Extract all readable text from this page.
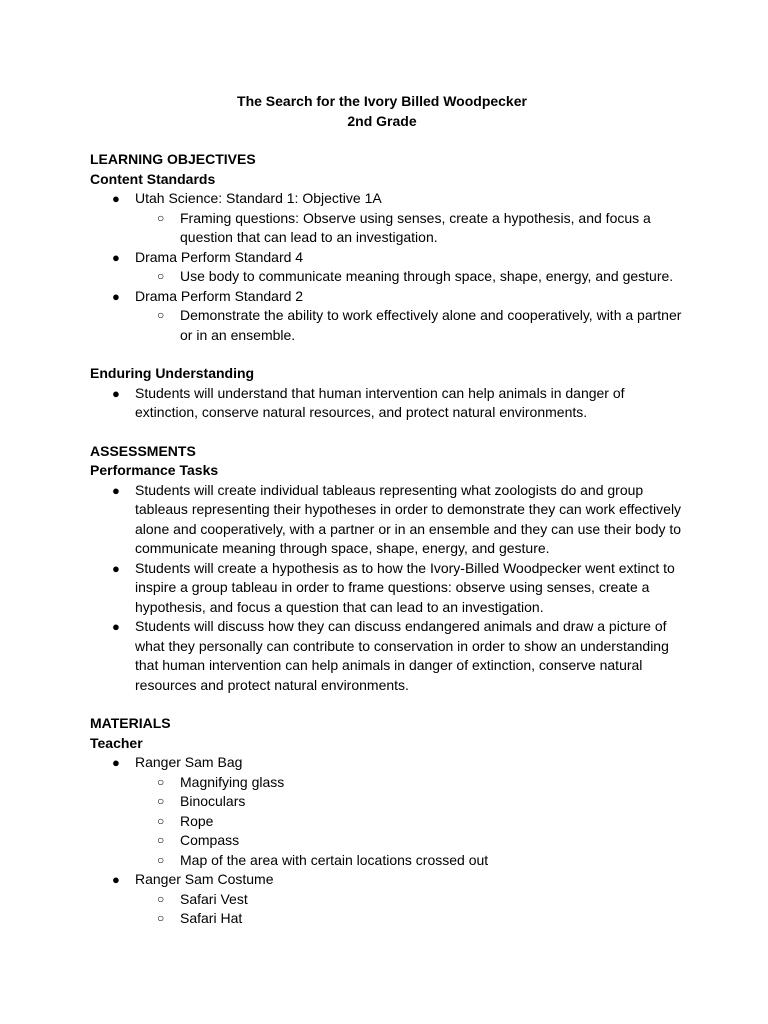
The Search for the Ivory Billed Woodpecker
2nd Grade
LEARNING OBJECTIVES
Content Standards
●	Utah Science: Standard 1: Objective 1A
○	Framing questions: Observe using senses, create a hypothesis, and focus a question that can lead to an investigation.
●	Drama Perform Standard 4
○	Use body to communicate meaning through space, shape, energy, and gesture.
●	Drama Perform Standard 2
○	Demonstrate the ability to work effectively alone and cooperatively, with a partner or in an ensemble.
Enduring Understanding
●	Students will understand that human intervention can help animals in danger of extinction, conserve natural resources, and protect natural environments.
ASSESSMENTS
Performance Tasks
●	Students will create individual tableaus representing what zoologists do and group tableaus representing their hypotheses in order to demonstrate they can work effectively alone and cooperatively, with a partner or in an ensemble and they can use their body to communicate meaning through space, shape, energy, and gesture.
●	Students will create a hypothesis as to how the Ivory-Billed Woodpecker went extinct to inspire a group tableau in order to frame questions: observe using senses, create a hypothesis, and focus a question that can lead to an investigation.
●	Students will discuss how they can discuss endangered animals and draw a picture of what they personally can contribute to conservation in order to show an understanding that human intervention can help animals in danger of extinction, conserve natural resources and protect natural environments.
MATERIALS
Teacher
●	Ranger Sam Bag
○	Magnifying glass
○	Binoculars
○	Rope
○	Compass
○	Map of the area with certain locations crossed out
●	Ranger Sam Costume
○	Safari Vest
○	Safari Hat
